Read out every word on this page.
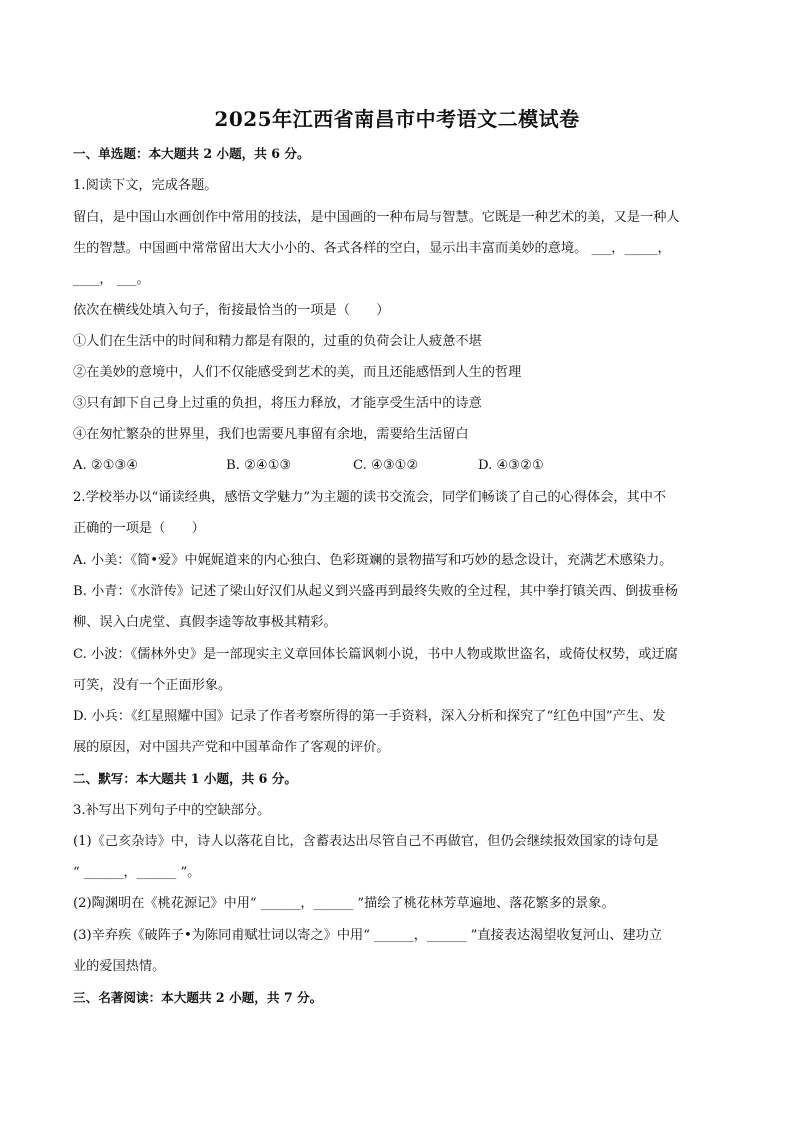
2025年江西省南昌市中考语文二模试卷
一、单选题：本大题共 2 小题，共 6 分。
1.阅读下文，完成各题。
留白，是中国山水画创作中常用的技法，是中国画的一种布局与智慧。它既是一种艺术的美，又是一种人
生的智慧。中国画中常常留出大大小小的、各式各样的空白，显示出丰富而美妙的意境。 ___，_____，
____， ___。
依次在横线处填入句子，衔接最恰当的一项是（　　）
①人们在生活中的时间和精力都是有限的，过重的负荷会让人疲惫不堪
②在美妙的意境中，人们不仅能感受到艺术的美，而且还能感悟到人生的哲理
③只有卸下自己身上过重的负担，将压力释放，才能享受生活中的诗意
④在匆忙繁杂的世界里，我们也需要凡事留有余地，需要给生活留白
A. ②①③④	B. ②④①③	C. ④③①②	D. ④③②①
2.学校举办以“诵读经典，感悟文学魅力”为主题的读书交流会，同学们畅谈了自己的心得体会，其中不
正确的一项是（　　）
A. 小美：《简•爱》中娓娓道来的内心独白、色彩斑斓的景物描写和巧妙的悬念设计，充满艺术感染力。
B. 小青：《水浒传》记述了梁山好汉们从起义到兴盛再到最终失败的全过程，其中拳打镇关西、倒拔垂杨
柳、误入白虎堂、真假李逵等故事极其精彩。
C. 小波：《儒林外史》是一部现实主义章回体长篇讽刺小说，书中人物或欺世盗名，或倚仗权势，或迂腐
可笑，没有一个正面形象。
D. 小兵：《红星照耀中国》记录了作者考察所得的第一手资料，深入分析和探究了“红色中国”产生、发
展的原因，对中国共产党和中国革命作了客观的评价。
二、默写：本大题共 1 小题，共 6 分。
3.补写出下列句子中的空缺部分。
(1)《己亥杂诗》中，诗人以落花自比，含蓄表达出尽管自己不再做官，但仍会继续报效国家的诗句是
“ ______，______ ”。
(2)陶渊明在《桃花源记》中用“ ______，______ ”描绘了桃花林芳草遍地、落花繁多的景象。
(3)辛弃疾《破阵子•为陈同甫赋壮词以寄之》中用“ ______，______ ”直接表达渴望收复河山、建功立
业的爱国热情。
三、名著阅读：本大题共 2 小题，共 7 分。
